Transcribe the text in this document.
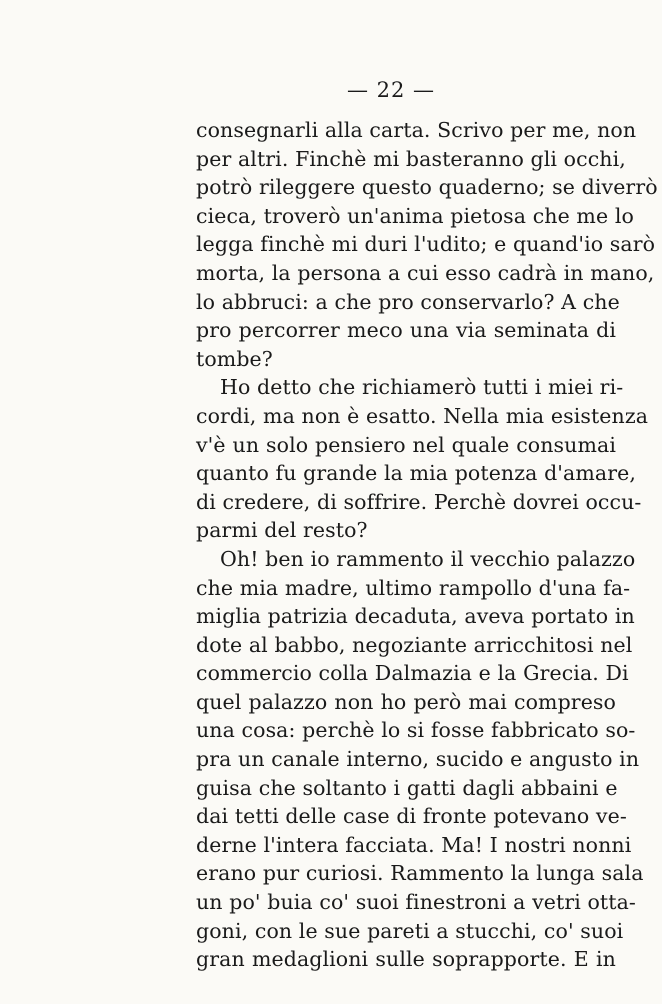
— 22 —
consegnarli alla carta. Scrivo per me, non
per altri. Finchè mi basteranno gli occhi,
potrò rileggere questo quaderno; se diverrò
cieca, troverò un'anima pietosa che me lo
legga finchè mi duri l'udito; e quand'io sarò
morta, la persona a cui esso cadrà in mano,
lo abbruci: a che pro conservarlo? A che
pro percorrer meco una via seminata di
tombe?
Ho detto che richiamerò tutti i miei ri-
cordi, ma non è esatto. Nella mia esistenza
v'è un solo pensiero nel quale consumai
quanto fu grande la mia potenza d'amare,
di credere, di soffrire. Perchè dovrei occu-
parmi del resto?
Oh! ben io rammento il vecchio palazzo
che mia madre, ultimo rampollo d'una fa-
miglia patrizia decaduta, aveva portato in
dote al babbo, negoziante arricchitosi nel
commercio colla Dalmazia e la Grecia. Di
quel palazzo non ho però mai compreso
una cosa: perchè lo si fosse fabbricato so-
pra un canale interno, sucido e angusto in
guisa che soltanto i gatti dagli abbaini e
dai tetti delle case di fronte potevano ve-
derne l'intera facciata. Ma! I nostri nonni
erano pur curiosi. Rammento la lunga sala
un po' buia co' suoi finestroni a vetri otta-
goni, con le sue pareti a stucchi, co' suoi
gran medaglioni sulle soprapporte. E in
